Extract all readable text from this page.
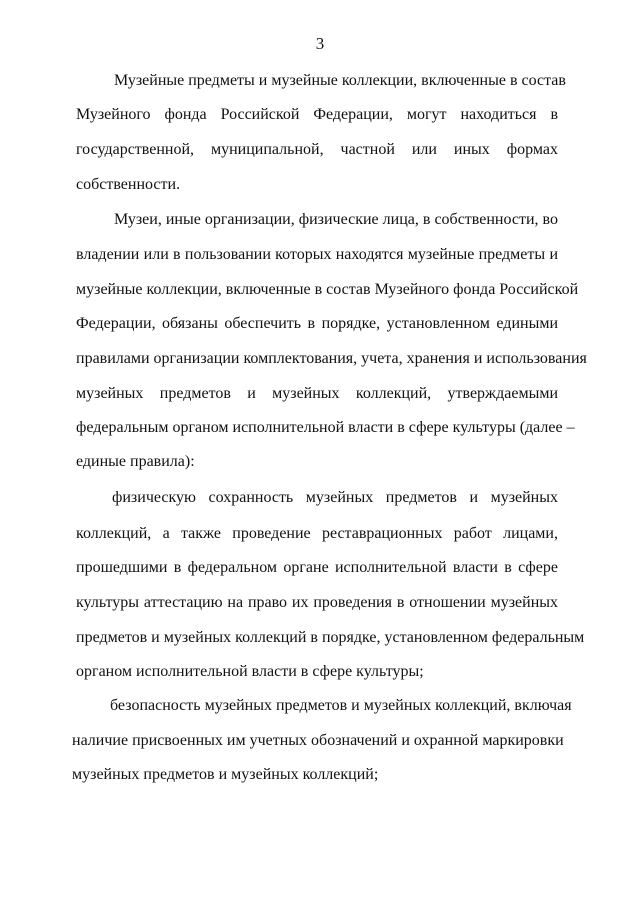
3
Музейные предметы и музейные коллекции, включенные в состав
Музейного фонда Российской Федерации, могут находиться в
государственной, муниципальной, частной или иных формах
собственности.
Музеи, иные организации, физические лица, в собственности, во
владении или в пользовании которых находятся музейные предметы и
музейные коллекции, включенные в состав Музейного фонда Российской
Федерации, обязаны обеспечить в порядке, установленном едиными
правилами организации комплектования, учета, хранения и использования
музейных предметов и музейных коллекций, утверждаемыми
федеральным органом исполнительной власти в сфере культуры (далее –
единые правила):
физическую сохранность музейных предметов и музейных
коллекций, а также проведение реставрационных работ лицами,
прошедшими в федеральном органе исполнительной власти в сфере
культуры аттестацию на право их проведения в отношении музейных
предметов и музейных коллекций в порядке, установленном федеральным
органом исполнительной власти в сфере культуры;
безопасность музейных предметов и музейных коллекций, включая
наличие присвоенных им учетных обозначений и охранной маркировки
музейных предметов и музейных коллекций;
